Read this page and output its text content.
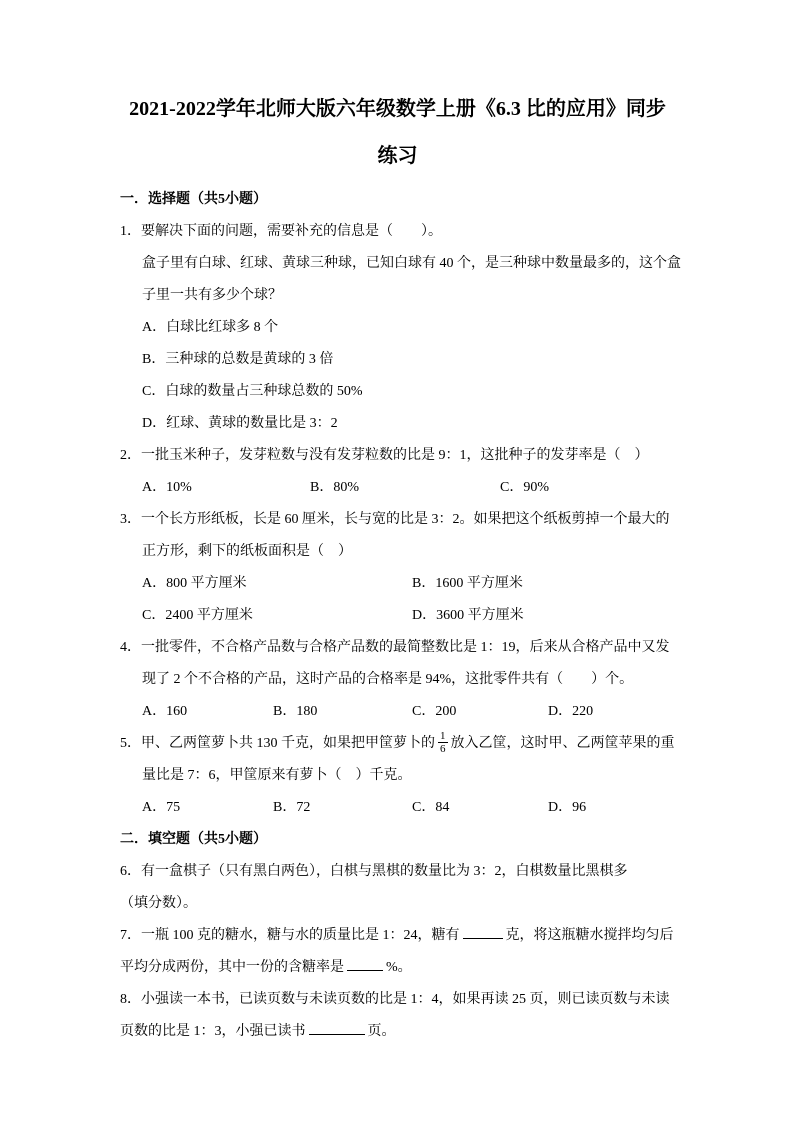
2021-2022学年北师大版六年级数学上册《6.3 比的应用》同步
练习
一．选择题（共5小题）
1．要解决下面的问题，需要补充的信息是（　　）。
盒子里有白球、红球、黄球三种球，已知白球有 40 个，是三种球中数量最多的，这个盒
子里一共有多少个球？
A．白球比红球多 8 个
B．三种球的总数是黄球的 3 倍
C．白球的数量占三种球总数的 50%
D．红球、黄球的数量比是 3：2
2．一批玉米种子，发芽粒数与没有发芽粒数的比是 9：1，这批种子的发芽率是（　）
A．10%	B．80%	C．90%
3．一个长方形纸板，长是 60 厘米，长与宽的比是 3：2。如果把这个纸板剪掉一个最大的
正方形，剩下的纸板面积是（　）
A．800 平方厘米	B．1600 平方厘米
C．2400 平方厘米	D．3600 平方厘米
4．一批零件，不合格产品数与合格产品数的最简整数比是 1：19，后来从合格产品中又发
现了 2 个不合格的产品，这时产品的合格率是 94%，这批零件共有（　　）个。
A．160	B．180	C．200	D．220
5．甲、乙两筐萝卜共 130 千克，如果把甲筐萝卜的 $\frac{1}{6}$ 放入乙筐，这时甲、乙两筐苹果的重
量比是 7：6，甲筐原来有萝卜（　）千克。
A．75	B．72	C．84	D．96
二．填空题（共5小题）
6．有一盒棋子（只有黑白两色），白棋与黑棋的数量比为 3：2，白棋数量比黑棋多
（填分数）。
7．一瓶 100 克的糖水，糖与水的质量比是 1：24，糖有	克，将这瓶糖水搅拌均匀后
平均分成两份，其中一份的含糖率是	%。
8．小强读一本书，已读页数与未读页数的比是 1：4，如果再读 25 页，则已读页数与未读
页数的比是 1：3，小强已读书	页。
